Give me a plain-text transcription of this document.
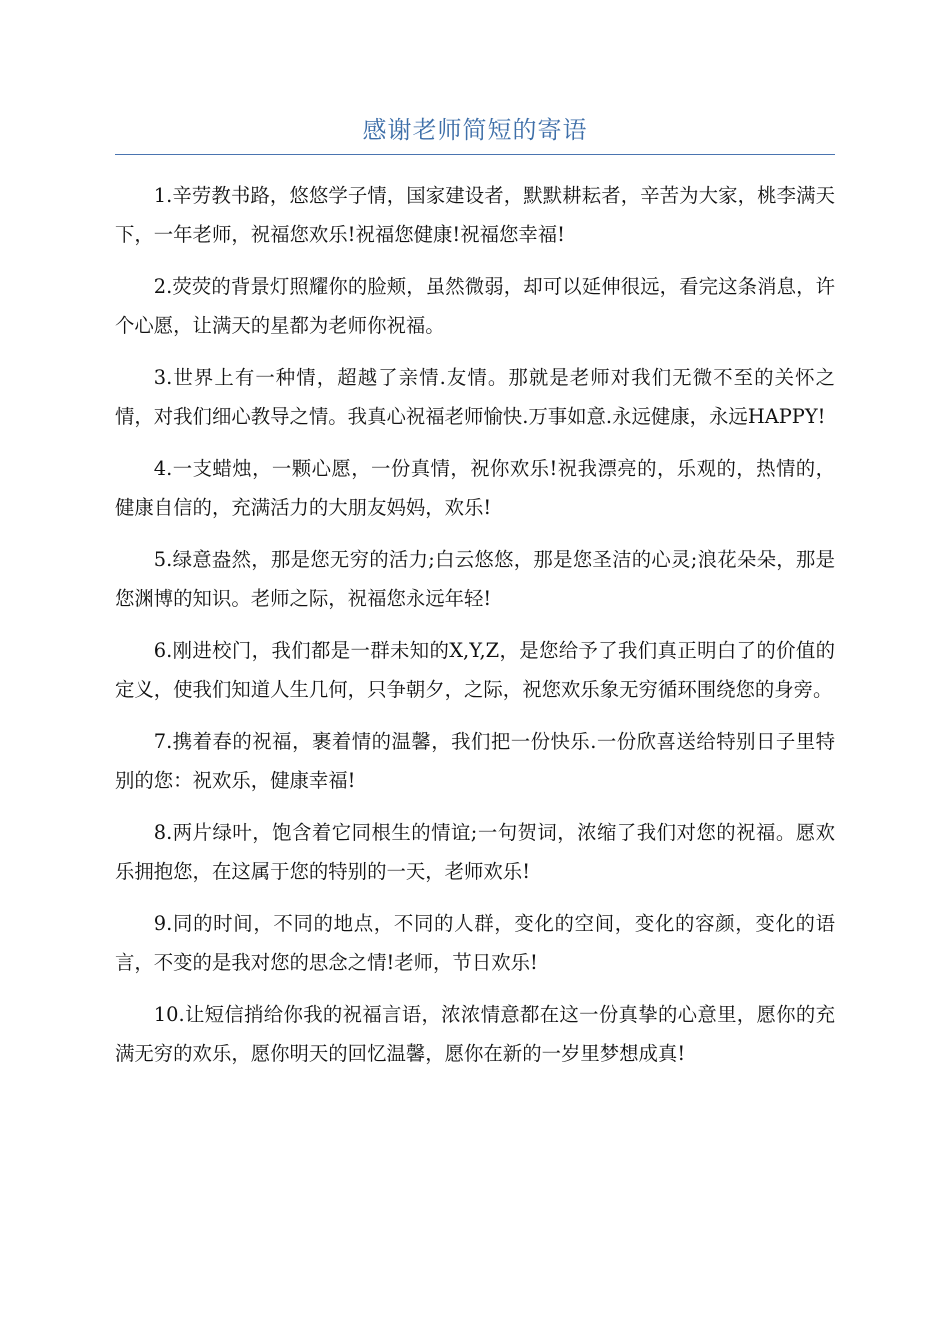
感谢老师简短的寄语

1.辛劳教书路，悠悠学子情，国家建设者，默默耕耘者，辛苦为大家，桃李满天下，一年老师，祝福您欢乐!祝福您健康!祝福您幸福!

2.荧荧的背景灯照耀你的脸颊，虽然微弱，却可以延伸很远，看完这条消息，许个心愿，让满天的星都为老师你祝福。

3.世界上有一种情，超越了亲情.友情。那就是老师对我们无微不至的关怀之情，对我们细心教导之情。我真心祝福老师愉快.万事如意.永远健康，永远HAPPY!

4.一支蜡烛，一颗心愿，一份真情，祝你欢乐!祝我漂亮的，乐观的，热情的，健康自信的，充满活力的大朋友妈妈，欢乐!

5.绿意盎然，那是您无穷的活力;白云悠悠，那是您圣洁的心灵;浪花朵朵，那是您渊博的知识。老师之际，祝福您永远年轻!

6.刚进校门，我们都是一群未知的X,Y,Z，是您给予了我们真正明白了的价值的定义，使我们知道人生几何，只争朝夕，之际，祝您欢乐象无穷循环围绕您的身旁。

7.携着春的祝福，裹着情的温馨，我们把一份快乐.一份欣喜送给特别日子里特别的您：祝欢乐，健康幸福!

8.两片绿叶，饱含着它同根生的情谊;一句贺词，浓缩了我们对您的祝福。愿欢乐拥抱您，在这属于您的特别的一天，老师欢乐!

9.同的时间，不同的地点，不同的人群，变化的空间，变化的容颜，变化的语言，不变的是我对您的思念之情!老师，节日欢乐!

10.让短信捎给你我的祝福言语，浓浓情意都在这一份真挚的心意里，愿你的充满无穷的欢乐，愿你明天的回忆温馨，愿你在新的一岁里梦想成真!
